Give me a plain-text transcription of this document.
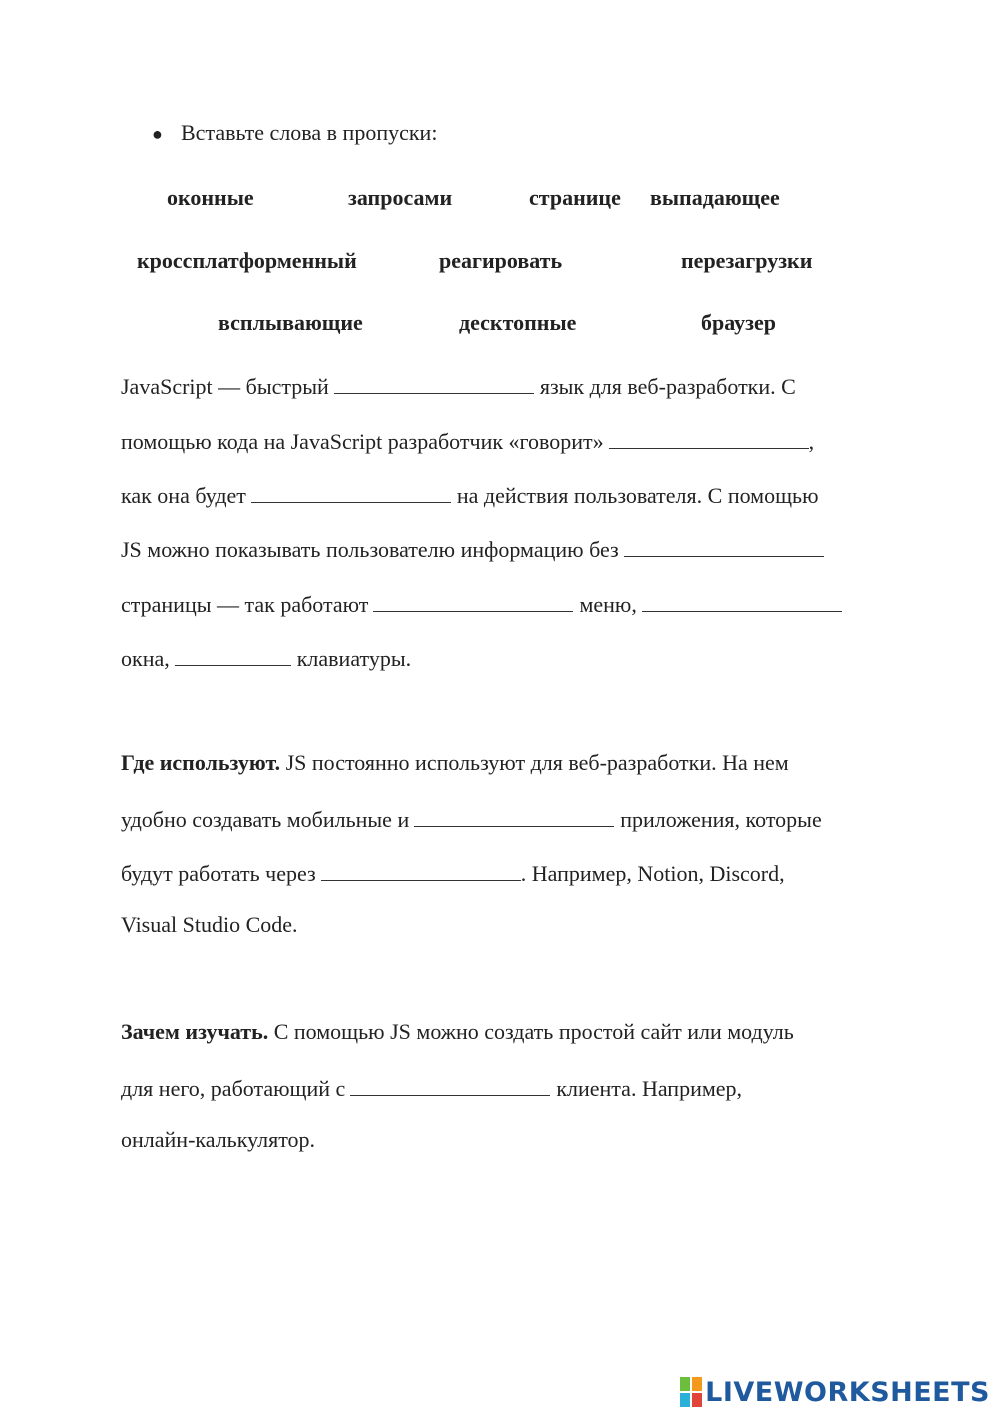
● Вставьте слова в пропуски:
оконные	запросами	странице выпадающее
кроссплатформенный	реагировать	перезагрузки
всплывающие	десктопные	браузер
JavaScript — быстрый	язык для веб-разработки. С
помощью кода на JavaScript разработчик «говорит»	,
как она будет	на действия пользователя. С помощью
JS можно показывать пользователю информацию без
страницы — так работают	меню,
окна,	клавиатуры.
Где используют. JS постоянно используют для веб-разработки. На нем
удобно создавать мобильные и	приложения, которые
будут работать через	. Например, Notion, Discord,
Visual Studio Code.
Зачем изучать. С помощью JS можно создать простой сайт или модуль
для него, работающий с	клиента. Например,
онлайн-калькулятор.
LIVEWORKSHEETS
